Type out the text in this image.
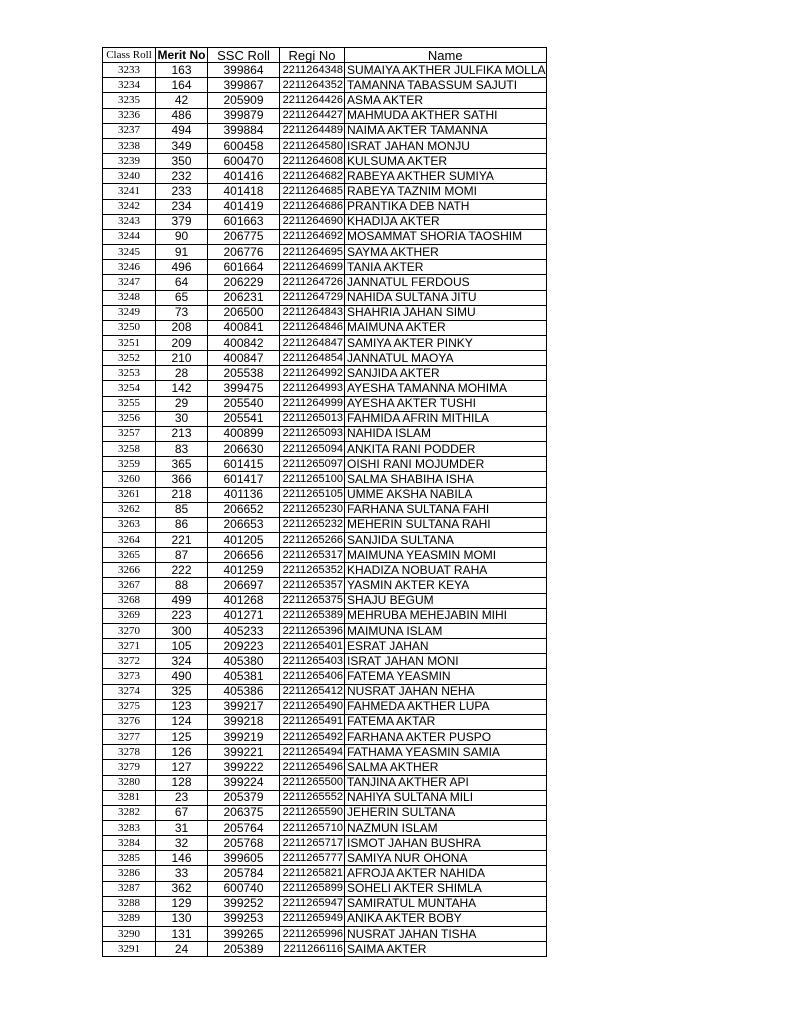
Class Roll	Merit No	SSC Roll	Regi No	Name
3233	163	399864	2211264348	SUMAIYA AKTHER JULFIKA MOLLA
3234	164	399867	2211264352	TAMANNA TABASSUM SAJUTI
3235	42	205909	2211264426	ASMA AKTER
3236	486	399879	2211264427	MAHMUDA AKTHER SATHI
3237	494	399884	2211264489	NAIMA AKTER TAMANNA
3238	349	600458	2211264580	ISRAT JAHAN MONJU
3239	350	600470	2211264608	KULSUMA AKTER
3240	232	401416	2211264682	RABEYA AKTHER SUMIYA
3241	233	401418	2211264685	RABEYA TAZNIM MOMI
3242	234	401419	2211264686	PRANTIKA DEB NATH
3243	379	601663	2211264690	KHADIJA AKTER
3244	90	206775	2211264692	MOSAMMAT SHORIA TAOSHIM
3245	91	206776	2211264695	SAYMA AKTHER
3246	496	601664	2211264699	TANIA AKTER
3247	64	206229	2211264726	JANNATUL FERDOUS
3248	65	206231	2211264729	NAHIDA SULTANA JITU
3249	73	206500	2211264843	SHAHRIA JAHAN SIMU
3250	208	400841	2211264846	MAIMUNA AKTER
3251	209	400842	2211264847	SAMIYA AKTER PINKY
3252	210	400847	2211264854	JANNATUL MAOYA
3253	28	205538	2211264992	SANJIDA AKTER
3254	142	399475	2211264993	AYESHA TAMANNA MOHIMA
3255	29	205540	2211264999	AYESHA AKTER TUSHI
3256	30	205541	2211265013	FAHMIDA AFRIN MITHILA
3257	213	400899	2211265093	NAHIDA ISLAM
3258	83	206630	2211265094	ANKITA RANI PODDER
3259	365	601415	2211265097	OISHI RANI MOJUMDER
3260	366	601417	2211265100	SALMA SHABIHA ISHA
3261	218	401136	2211265105	UMME AKSHA NABILA
3262	85	206652	2211265230	FARHANA SULTANA FAHI
3263	86	206653	2211265232	MEHERIN SULTANA RAHI
3264	221	401205	2211265266	SANJIDA SULTANA
3265	87	206656	2211265317	MAIMUNA YEASMIN MOMI
3266	222	401259	2211265352	KHADIZA NOBUAT RAHA
3267	88	206697	2211265357	YASMIN AKTER KEYA
3268	499	401268	2211265375	SHAJU BEGUM
3269	223	401271	2211265389	MEHRUBA MEHEJABIN MIHI
3270	300	405233	2211265396	MAIMUNA ISLAM
3271	105	209223	2211265401	ESRAT JAHAN
3272	324	405380	2211265403	ISRAT JAHAN MONI
3273	490	405381	2211265406	FATEMA YEASMIN
3274	325	405386	2211265412	NUSRAT JAHAN NEHA
3275	123	399217	2211265490	FAHMEDA AKTHER LUPA
3276	124	399218	2211265491	FATEMA AKTAR
3277	125	399219	2211265492	FARHANA AKTER PUSPO
3278	126	399221	2211265494	FATHAMA YEASMIN SAMIA
3279	127	399222	2211265496	SALMA AKTHER
3280	128	399224	2211265500	TANJINA AKTHER API
3281	23	205379	2211265552	NAHIYA SULTANA MILI
3282	67	206375	2211265590	JEHERIN SULTANA
3283	31	205764	2211265710	NAZMUN ISLAM
3284	32	205768	2211265717	ISMOT JAHAN BUSHRA
3285	146	399605	2211265777	SAMIYA NUR OHONA
3286	33	205784	2211265821	AFROJA AKTER NAHIDA
3287	362	600740	2211265899	SOHELI AKTER SHIMLA
3288	129	399252	2211265947	SAMIRATUL MUNTAHA
3289	130	399253	2211265949	ANIKA AKTER BOBY
3290	131	399265	2211265996	NUSRAT JAHAN TISHA
3291	24	205389	2211266116	SAIMA AKTER
